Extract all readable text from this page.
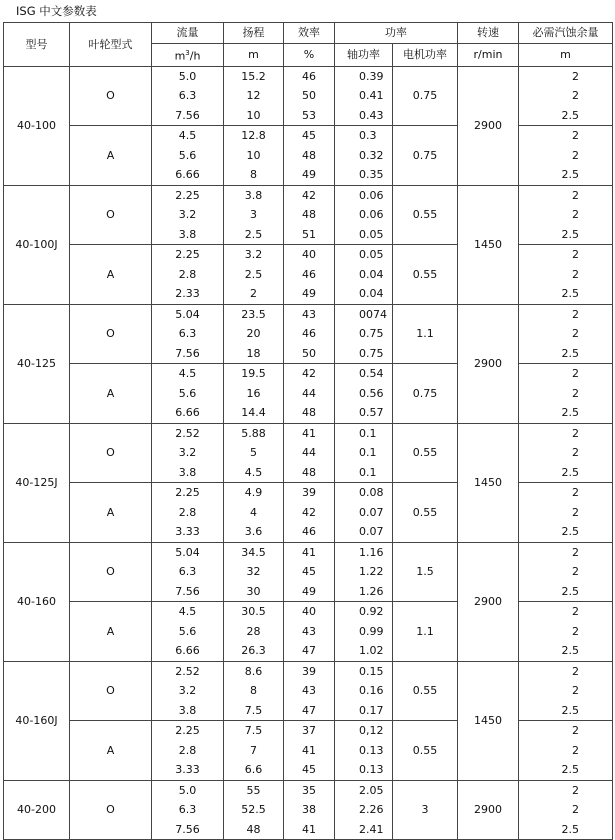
ISG 中文参数表
型号	叶轮型式	流量	扬程	效率	功率		转速	必需汽蚀余量
		$m^3/h$	m	%	轴功率	电机功率	r/min	m
40-100	O	5.0	15.2	46	0.39	0.75	2900	2
		6.3	12	50	0.41			2
		7.56	10	53	0.43			2.5
	A	4.5	12.8	45	0.3	0.75		2
		5.6	10	48	0.32			2
		6.66	8	49	0.35			2.5
40-100J	O	2.25	3.8	42	0.06	0.55	1450	2
		3.2	3	48	0.06			2
		3.8	2.5	51	0.05			2.5
	A	2.25	3.2	40	0.05	0.55		2
		2.8	2.5	46	0.04			2
		2.33	2	49	0.04			2.5
40-125	O	5.04	23.5	43	0074	1.1	2900	2
		6.3	20	46	0.75			2
		7.56	18	50	0.75			2.5
	A	4.5	19.5	42	0.54	0.75		2
		5.6	16	44	0.56			2
		6.66	14.4	48	0.57			2.5
40-125J	O	2.52	5.88	41	0.1	0.55	1450	2
		3.2	5	44	0.1			2
		3.8	4.5	48	0.1			2.5
	A	2.25	4.9	39	0.08	0.55		2
		2.8	4	42	0.07			2
		3.33	3.6	46	0.07			2.5
40-160	O	5.04	34.5	41	1.16	1.5	2900	2
		6.3	32	45	1.22			2
		7.56	30	49	1.26			2.5
	A	4.5	30.5	40	0.92	1.1		2
		5.6	28	43	0.99			2
		6.66	26.3	47	1.02			2.5
40-160J	O	2.52	8.6	39	0.15	0.55	1450	2
		3.2	8	43	0.16			2
		3.8	7.5	47	0.17			2.5
	A	2.25	7.5	37	0,12	0.55		2
		2.8	7	41	0.13			2
		3.33	6.6	45	0.13			2.5
40-200	O	5.0	55	35	2.05	3	2900	2
		6.3	52.5	38	2.26			2
		7.56	48	41	2.41			2.5
